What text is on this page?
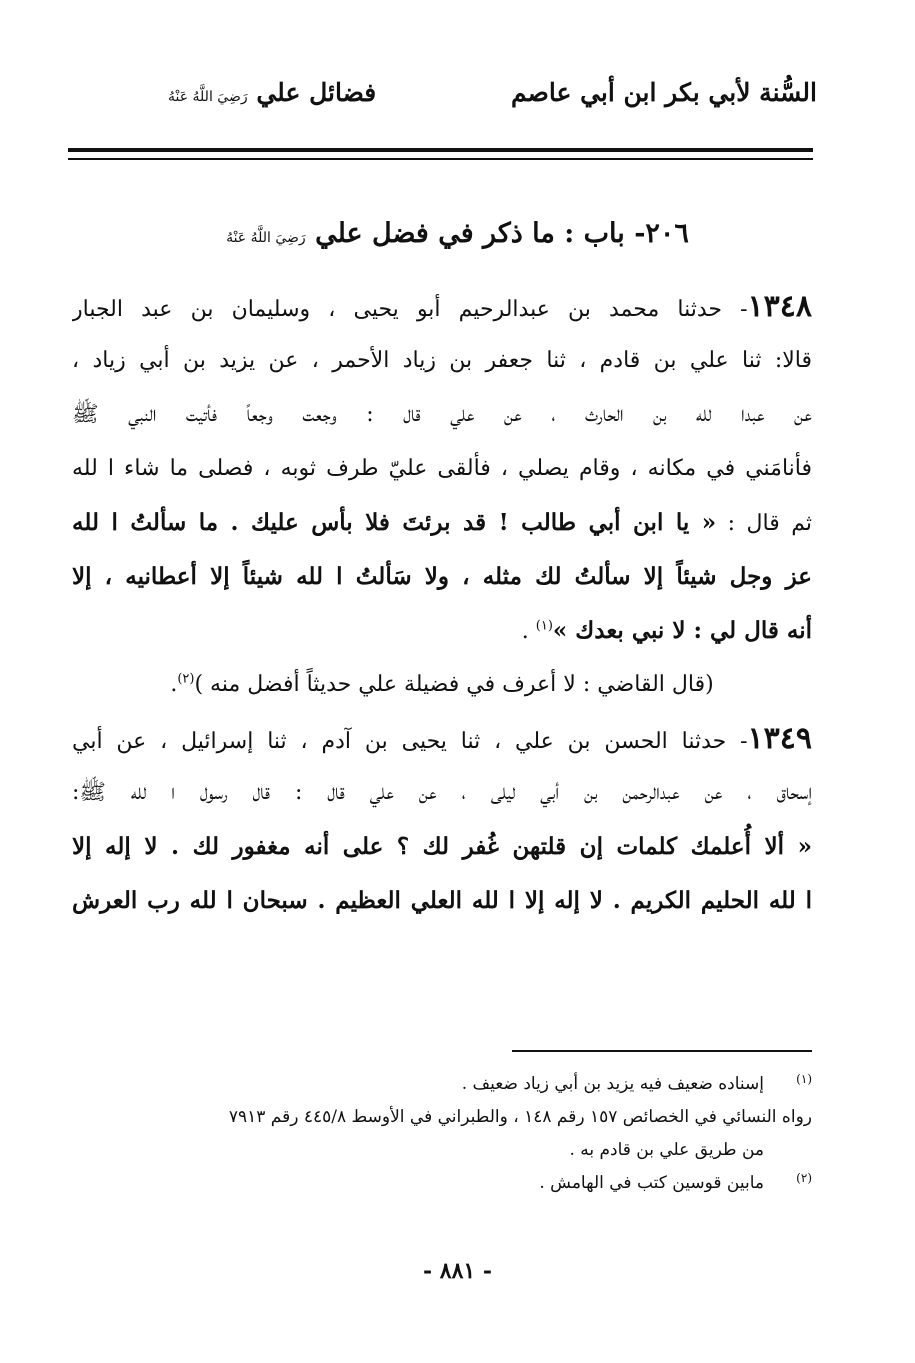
السُّنة لأبي بكر ابن أبي عاصم
فضائل علي رَضِيَ اللَّهُ عَنْهُ
٢٠٦- باب : ما ذكر في فضل علي رَضِيَ اللَّهُ عَنْهُ
١٣٤٨- حدثنا محمد بن عبدالرحيم أبو يحيى ، وسليمان بن عبد الجبار
قالا: ثنا علي بن قادم ، ثنا جعفر بن زياد الأحمر ، عن يزيد بن أبي زياد ،
عن عبدا لله بن الحارث ، عن علي قال : وجعت وجعاً فأتيت النبي ﷺ
فأنامَني في مكانه ، وقام يصلي ، فألقى عليّ طرف ثوبه ، فصلى ما شاء ا لله
ثم قال : « يا ابن أبي طالب ! قد برئتَ فلا بأس عليك . ما سألتُ ا لله
عز وجل شيئاً إلا سألتُ لك مثله ، ولا سَألتُ ا لله شيئاً إلا أعطانيه ، إلا
أنه قال لي : لا نبي بعدك »$^{(١)}$ .
(قال القاضي : لا أعرف في فضيلة علي حديثاً أفضل منه )$^{(٢)}$.
١٣٤٩- حدثنا الحسن بن علي ، ثنا يحيى بن آدم ، ثنا إسرائيل ، عن أبي
إسحاق ، عن عبدالرحمن بن أبي ليلى ، عن علي قال : قال رسول ا لله ﷺ:
« ألا أُعلمك كلمات إن قلتهن غُفر لك ؟ على أنه مغفور لك . لا إله إلا
ا لله الحليم الكريم . لا إله إلا ا لله العلي العظيم . سبحان ا لله رب العرش
(١)إسناده ضعيف فيه يزيد بن أبي زياد ضعيف .
رواه النسائي في الخصائص ١٥٧ رقم ١٤٨ ، والطبراني في الأوسط ٤٤٥/٨ رقم ٧٩١٣
من طريق علي بن قادم به .
(٢)مابين قوسين كتب في الهامش .
- ٨٨١ -
